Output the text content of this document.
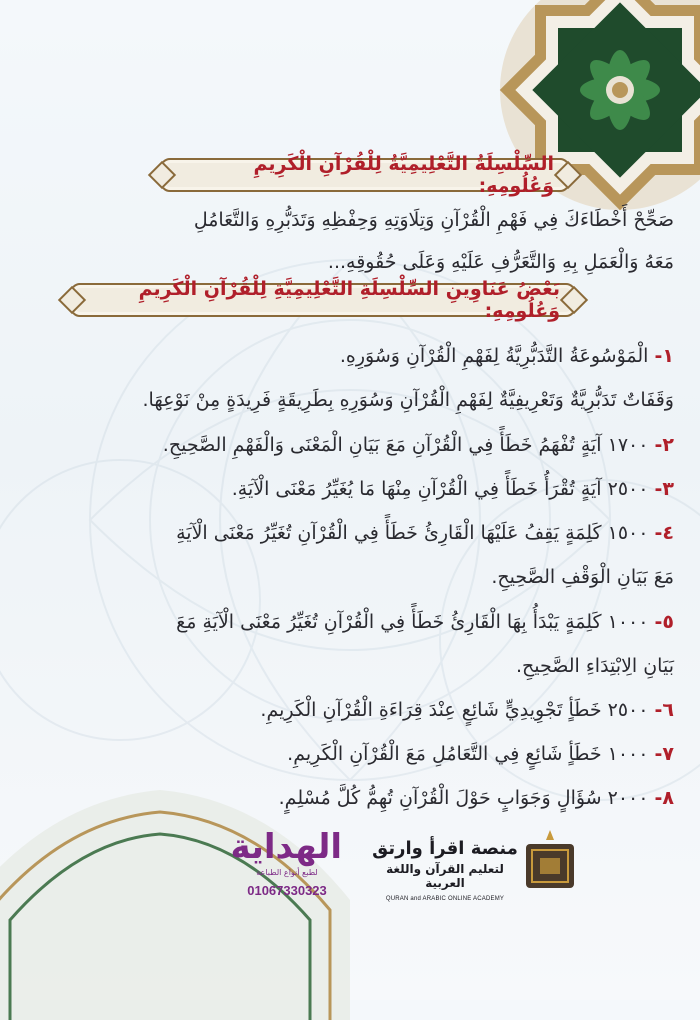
السِّلْسِلَةُ التَّعْلِيمِيَّةُ لِلْقُرْآنِ الْكَرِيمِ وَعُلُومِهِ:
صَحِّحْ أَخْطَاءَكَ فِي فَهْمِ الْقُرْآنِ وَتِلَاوَتِهِ وَحِفْظِهِ وَتَدَبُّرِهِ وَالتَّعَامُلِ
مَعَهُ وَالْعَمَلِ بِهِ وَالتَّعَرُّفِ عَلَيْهِ وَعَلَى حُقُوقِهِ...
بَعْضُ عَنَاوِينِ السِّلْسِلَةِ التَّعْلِيمِيَّةِ لِلْقُرْآنِ الْكَرِيمِ وَعُلُومِهِ:
١- الْمَوْسُوعَةُ التَّدَبُّرِيَّةُ لِفَهْمِ الْقُرْآنِ وَسُوَرِهِ.
وَقَفَاتٌ تَدَبُّرِيَّةٌ وَتَعْرِيفِيَّةٌ لِفَهْمِ الْقُرْآنِ وَسُوَرِهِ بِطَرِيقَةٍ فَرِيدَةٍ مِنْ نَوْعِهَا.
٢- ١٧٠٠ آيَةٍ تُفْهَمُ خَطَأً فِي الْقُرْآنِ مَعَ بَيَانِ الْمَعْنَى وَالْفَهْمِ الصَّحِيحِ.
٣- ٢٥٠٠ آيَةٍ تُقْرَأُ خَطَأً فِي الْقُرْآنِ مِنْهَا مَا يُغَيِّرُ مَعْنَى الْآيَةِ.
٤- ١٥٠٠ كَلِمَةٍ يَقِفُ عَلَيْهَا الْقَارِئُ خَطَأً فِي الْقُرْآنِ تُغَيِّرُ مَعْنَى الْآيَةِ
مَعَ بَيَانِ الْوَقْفِ الصَّحِيحِ.
٥- ١٠٠٠ كَلِمَةٍ يَبْدَأُ بِهَا الْقَارِئُ خَطَأً فِي الْقُرْآنِ تُغَيِّرُ مَعْنَى الْآيَةِ مَعَ
بَيَانِ الِابْتِدَاءِ الصَّحِيحِ.
٦- ٢٥٠٠ خَطَأٍ تَجْوِيدِيٍّ شَائِعٍ عِنْدَ قِرَاءَةِ الْقُرْآنِ الْكَرِيمِ.
٧- ١٠٠٠ خَطَأٍ شَائِعٍ فِي التَّعَامُلِ مَعَ الْقُرْآنِ الْكَرِيمِ.
٨- ٢٠٠٠ سُؤَالٍ وَجَوَابٍ حَوْلَ الْقُرْآنِ تُهِمُّ كُلَّ مُسْلِمٍ.
الهداية
لطبع أنواع الطباعة
01067330323
منصة اقرأ وارتق
لتعليم القرآن واللغة العربية
QURAN and ARABIC ONLINE ACADEMY
